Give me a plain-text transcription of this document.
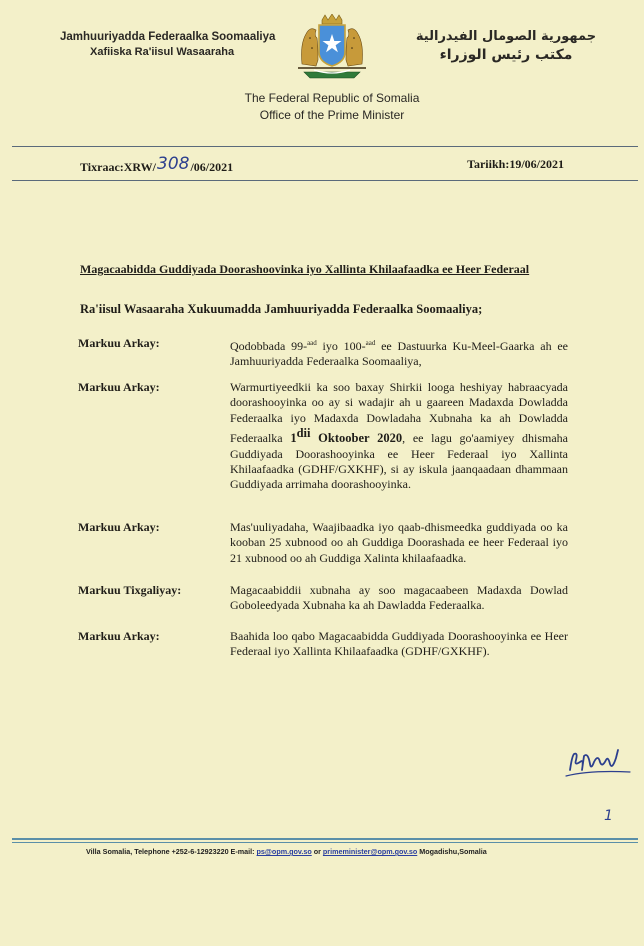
Jamhuuriyadda Federaalka Soomaaliya
Xafiiska Ra'iisul Wasaaraha
جمهورية الصومال الفيدرالية
مكتب رئيس الوزراء
The Federal Republic of Somalia
Office of the Prime Minister
Tixraac:XRW/ 308 /06/2021	Tariikh:19/06/2021
Magacaabidda Guddiyada Doorashoovinka iyo Xallinta Khilaafaadka ee Heer Federaal
Ra'iisul Wasaaraha Xukuumadda Jamhuuriyadda Federaalka Soomaaliya;
Markuu Arkay:	Qodobbada 99-$^{aad}$ iyo 100-$^{aad}$ ee Dastuurka Ku-Meel-Gaarka ah ee Jamhuuriyadda Federaalka Soomaaliya,
Markuu Arkay:	Warmurtiyeedkii ka soo baxay Shirkii looga heshiyay habraacyada doorashooyinka oo ay si wadajir ah u gaareen Madaxda Dowladda Federaalka iyo Madaxda Dowladaha Xubnaha ka ah Dowladda Federaalka $1^{dii}$ Oktoober 2020, ee lagu go'aamiyey dhismaha Guddiyada Doorashooyinka ee Heer Federaal iyo Xallinta Khilaafaadka (GDHF/GXKHF), si ay iskula jaanqaadaan dhammaan Guddiyada arrimaha doorashooyinka.
Markuu Arkay:	Mas'uuliyadaha, Waajibaadka iyo qaab-dhismeedka guddiyada oo ka kooban 25 xubnood oo ah Guddiga Doorashada ee heer Federaal iyo 21 xubnood oo ah Guddiga Xalinta khilaafaadka.
Markuu Tixgaliyay:	Magacaabiddii xubnaha ay soo magacaabeen Madaxda Dowlad Goboleedyada Xubnaha ka ah Dawladda Federaalka.
Markuu Arkay:	Baahida loo qabo Magacaabidda Guddiyada Doorashooyinka ee Heer Federaal iyo Xallinta Khilaafaadka (GDHF/GXKHF).
1
Villa Somalia, Telephone +252-6-12923220 E-mail: ps@opm.gov.so or primeminister@opm.gov.so Mogadishu,Somalia
